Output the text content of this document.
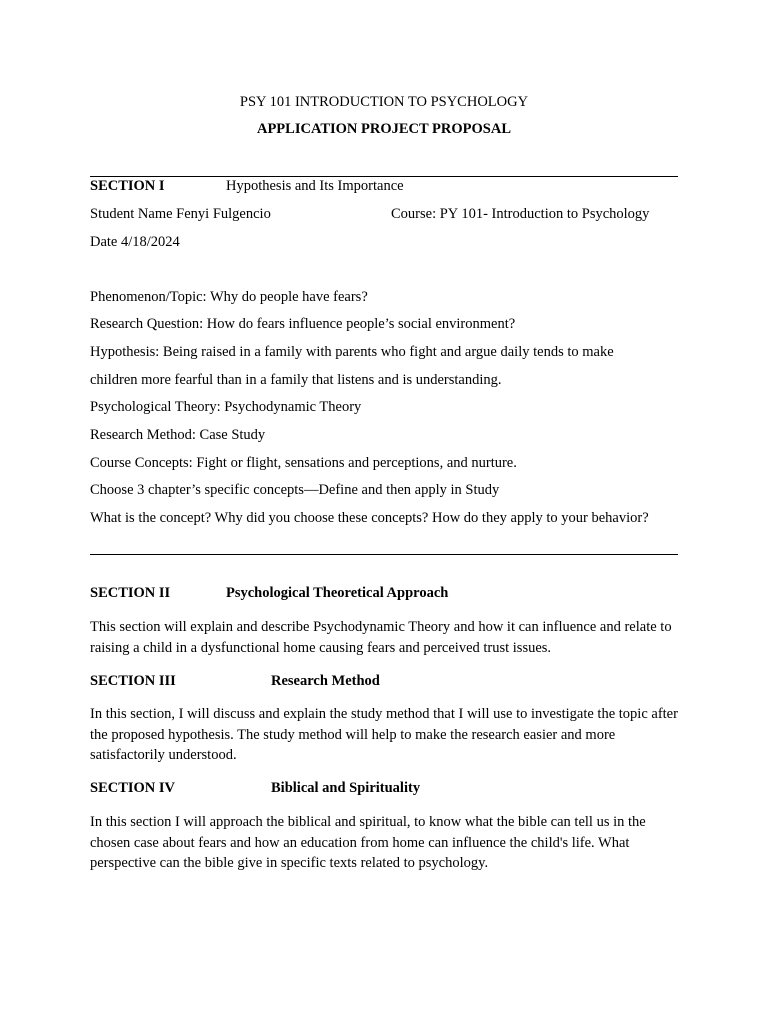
PSY 101 INTRODUCTION TO PSYCHOLOGY
APPLICATION PROJECT PROPOSAL
SECTION I	Hypothesis and Its Importance
Student Name Fenyi Fulgencio	Course: PY 101- Introduction to Psychology
Date 4/18/2024
Phenomenon/Topic: Why do people have fears?
Research Question: How do fears influence people’s social environment?
Hypothesis: Being raised in a family with parents who fight and argue daily tends to make
children more fearful than in a family that listens and is understanding.
Psychological Theory: Psychodynamic Theory
Research Method: Case Study
Course Concepts: Fight or flight, sensations and perceptions, and nurture.
Choose 3 chapter’s specific concepts—Define and then apply in Study
What is the concept? Why did you choose these concepts? How do they apply to your behavior?
SECTION II	Psychological Theoretical Approach
This section will explain and describe Psychodynamic Theory and how it can influence and relate to raising a child in a dysfunctional home causing fears and perceived trust issues.
SECTION III	Research Method
In this section, I will discuss and explain the study method that I will use to investigate the topic after the proposed hypothesis. The study method will help to make the research easier and more satisfactorily understood.
SECTION IV	Biblical and Spirituality
In this section I will approach the biblical and spiritual, to know what the bible can tell us in the chosen case about fears and how an education from home can influence the child's life. What perspective can the bible give in specific texts related to psychology.
